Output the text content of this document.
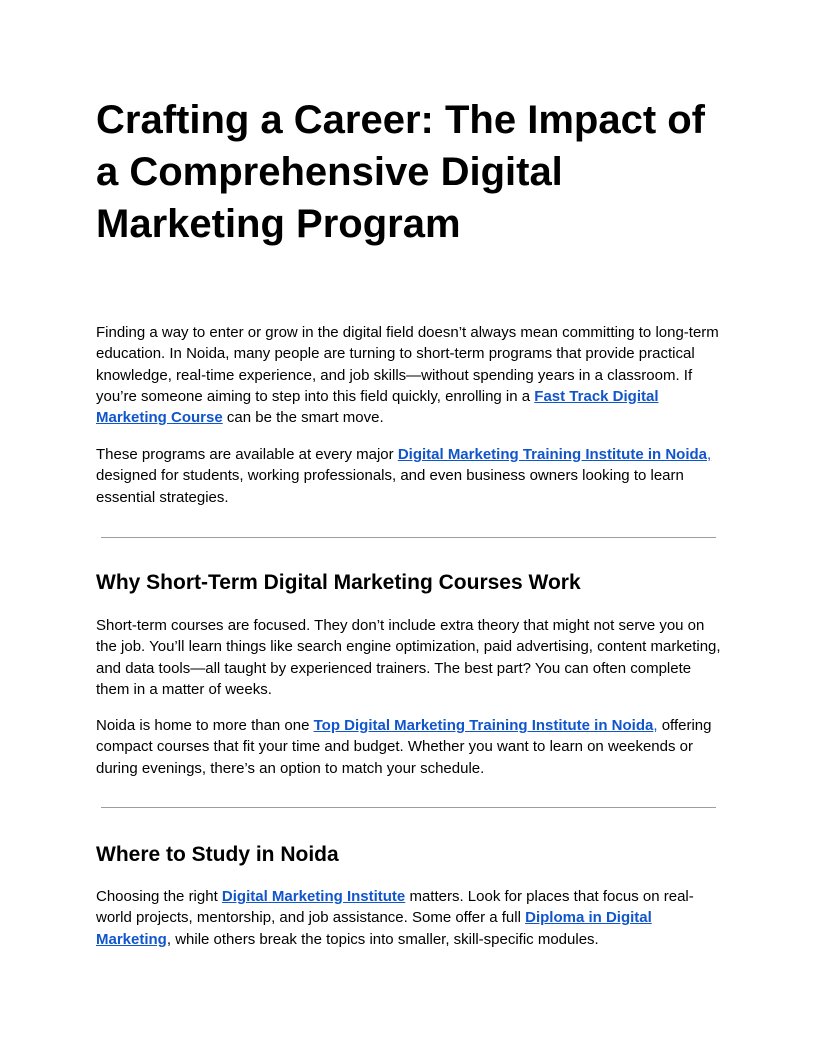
Crafting a Career: The Impact of a Comprehensive Digital Marketing Program

Finding a way to enter or grow in the digital field doesn’t always mean committing to long-term education. In Noida, many people are turning to short-term programs that provide practical knowledge, real-time experience, and job skills—without spending years in a classroom. If you’re someone aiming to step into this field quickly, enrolling in a Fast Track Digital Marketing Course can be the smart move.

These programs are available at every major Digital Marketing Training Institute in Noida, designed for students, working professionals, and even business owners looking to learn essential strategies.

Why Short-Term Digital Marketing Courses Work

Short-term courses are focused. They don’t include extra theory that might not serve you on the job. You’ll learn things like search engine optimization, paid advertising, content marketing, and data tools—all taught by experienced trainers. The best part? You can often complete them in a matter of weeks.

Noida is home to more than one Top Digital Marketing Training Institute in Noida, offering compact courses that fit your time and budget. Whether you want to learn on weekends or during evenings, there’s an option to match your schedule.

Where to Study in Noida

Choosing the right Digital Marketing Institute matters. Look for places that focus on real-world projects, mentorship, and job assistance. Some offer a full Diploma in Digital Marketing, while others break the topics into smaller, skill-specific modules.
